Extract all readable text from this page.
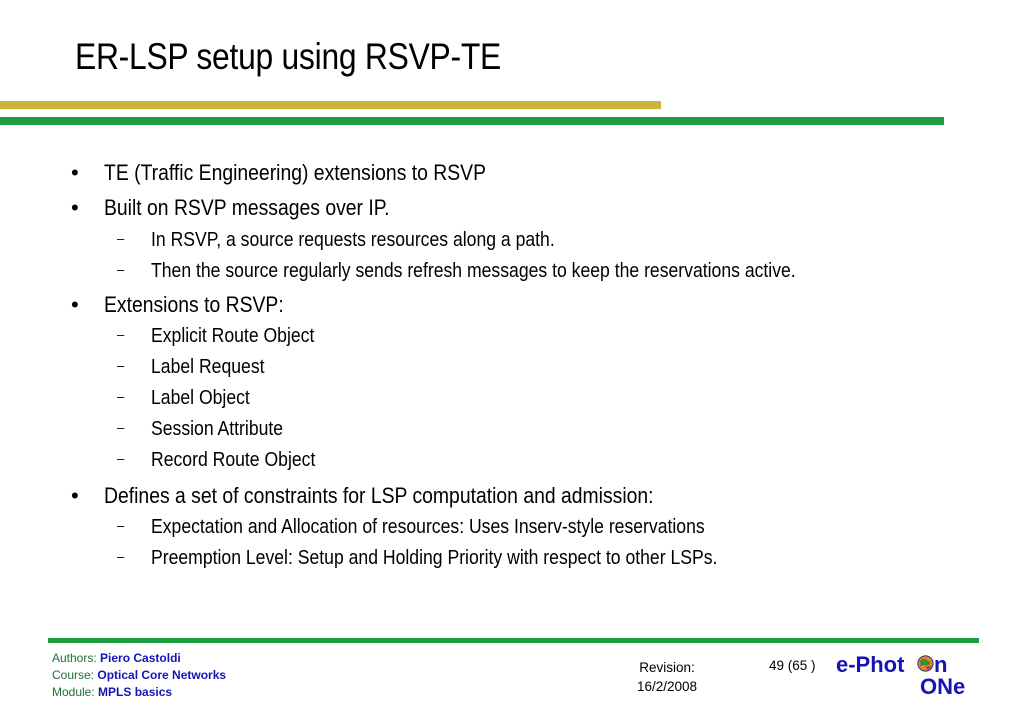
ER-LSP setup using RSVP-TE
• TE (Traffic Engineering) extensions to RSVP
• Built on RSVP messages over IP.
– In RSVP, a source requests resources along a path.
– Then the source regularly sends refresh messages to keep the reservations active.
• Extensions to RSVP:
– Explicit Route Object
– Label Request
– Label Object
– Session Attribute
– Record Route Object
• Defines a set of constraints for LSP computation and admission:
– Expectation and Allocation of resources: Uses Inserv-style reservations
– Preemption Level: Setup and Holding Priority with respect to other LSPs.
Authors: Piero Castoldi
Course: Optical Core Networks
Module: MPLS basics
Revision:
16/2/2008
49 (65 ) e-Phot n
ONe
